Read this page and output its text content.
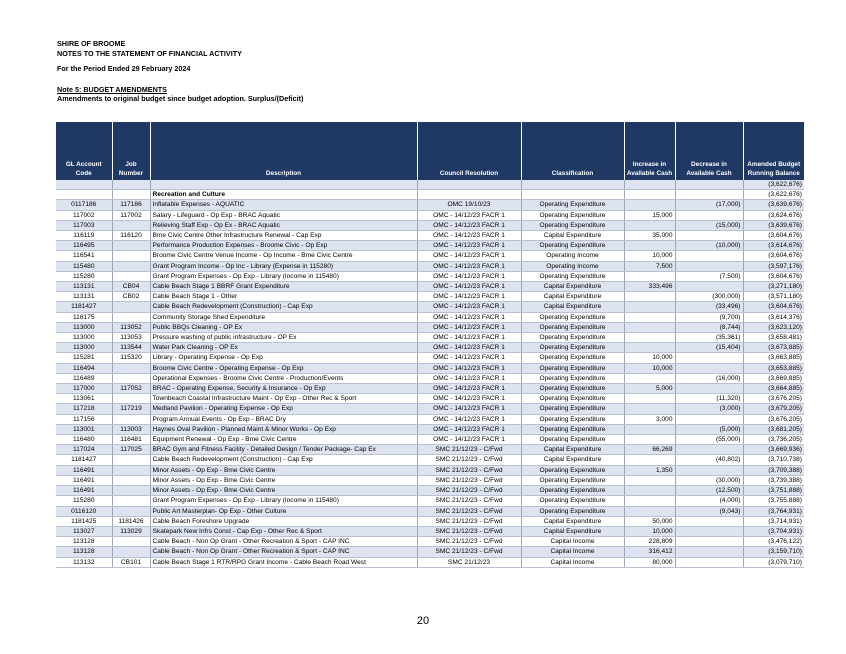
SHIRE OF BROOME
NOTES TO THE STATEMENT OF FINANCIAL ACTIVITY
For the Period Ended 29 February 2024
Note 5: BUDGET AMENDMENTS
Amendments to original budget since budget adoption. Surplus/(Deficit)
GL Account Code	Job Number	Description	Council Resolution	Classification	Increase in Available Cash	Decrease in Available Cash	Amended Budget Running Balance
							(3,622,676)
		Recreation and Culture					(3,622,676)
0117186	117186	Inflatable Expenses - AQUATIC	OMC 19/10/23	Operating Expenditure		(17,000)	(3,639,676)
117002	117002	Salary - Lifeguard - Op Exp - BRAC Aquatic	OMC - 14/12/23 FACR 1	Operating Expenditure	15,000		(3,624,676)
117003		Relieving Staff Exp - Op Ex - BRAC Aquatic	OMC - 14/12/23 FACR 1	Operating Expenditure		(15,000)	(3,639,676)
116119	116120	Bme Civic Centre Other Infrastructure Renewal - Cap Exp	OMC - 14/12/23 FACR 1	Capital Expenditure	35,000		(3,604,676)
116495		Performance Production Expenses - Broome Civic - Op Exp	OMC - 14/12/23 FACR 1	Operating Expenditure		(10,000)	(3,614,676)
116541		Broome Civic Centre Venue Income - Op Income - Bme Civic Centre	OMC - 14/12/23 FACR 1	Operating Income	10,000		(3,604,676)
115480		Grant Program Income - Op Inc - Library (Expense in 115280)	OMC - 14/12/23 FACR 1	Operating Income	7,500		(3,597,176)
115280		Grant Program Expenses - Op Exp - Library (Income in 115480)	OMC - 14/12/23 FACR 1	Operating Expenditure		(7,500)	(3,604,676)
113131	CB04	Cable Beach Stage 1 BBRF Grant Expenditure	OMC - 14/12/23 FACR 1	Capital Expenditure	333,496		(3,271,180)
113131	CB02	Cable Beach Stage 1 - Other	OMC - 14/12/23 FACR 1	Capital Expenditure		(300,000)	(3,571,180)
1181427		Cable Beach Redevelopment (Construction) - Cap Exp	OMC - 14/12/23 FACR 1	Capital Expenditure		(33,496)	(3,604,676)
116175		Community Storage Shed Expenditure	OMC - 14/12/23 FACR 1	Operating Expenditure		(9,700)	(3,614,376)
113000	113052	Public BBQs Cleaning - OP Ex	OMC - 14/12/23 FACR 1	Operating Expenditure		(8,744)	(3,623,120)
113000	113053	Pressure washing of public infrastructure - OP Ex	OMC - 14/12/23 FACR 1	Operating Expenditure		(35,361)	(3,658,481)
113000	113544	Water Park Cleaning - OP Ex	OMC - 14/12/23 FACR 1	Operating Expenditure		(15,404)	(3,673,885)
115281	115320	Library - Operating Expense - Op Exp	OMC - 14/12/23 FACR 1	Operating Expenditure	10,000		(3,663,885)
116494		Broome Civic Centre - Operating Expense - Op Exp	OMC - 14/12/23 FACR 1	Operating Expenditure	10,000		(3,653,885)
116489		Operational Expenses - Broome Civic Centre - Production/Events	OMC - 14/12/23 FACR 1	Operating Expenditure		(16,000)	(3,669,885)
117000	117052	BRAC - Operating Expense, Security & Insurance - Op Exp	OMC - 14/12/23 FACR 1	Operating Expenditure	5,000		(3,664,885)
113061		Townbeach Coastal Infrastructure Maint - Op Exp - Other Rec & Sport	OMC - 14/12/23 FACR 1	Operating Expenditure		(11,320)	(3,676,205)
117218	117219	Medland Pavilion - Operating Expense - Op Exp	OMC - 14/12/23 FACR 1	Operating Expenditure		(3,000)	(3,679,205)
117156		Program Annual Events - Op Exp - BRAC Dry	OMC - 14/12/23 FACR 1	Operating Expenditure	3,000		(3,676,205)
113001	113003	Haynes Oval Pavilion - Planned Maint & Minor Works - Op Exp	OMC - 14/12/23 FACR 1	Operating Expenditure		(5,000)	(3,681,205)
116480	116481	Equipment Renewal - Op Exp - Bme Civic Centre	OMC - 14/12/23 FACR 1	Operating Expenditure		(55,000)	(3,736,205)
117024	117025	BRAC Gym and Fitness Facility - Detailed Design / Tender Package- Cap Ex	SMC 21/12/23 - C/Fwd	Capital Expenditure	66,269		(3,669,936)
1181427		Cable Beach Redevelopment (Construction) - Cap Exp	SMC 21/12/23 - C/Fwd	Capital Expenditure		(40,802)	(3,710,738)
116491		Minor Assets - Op Exp - Bme Civic Centre	SMC 21/12/23 - C/Fwd	Operating Expenditure	1,350		(3,709,388)
116491		Minor Assets - Op Exp - Bme Civic Centre	SMC 21/12/23 - C/Fwd	Operating Expenditure		(30,000)	(3,739,388)
116491		Minor Assets - Op Exp - Bme Civic Centre	SMC 21/12/23 - C/Fwd	Operating Expenditure		(12,500)	(3,751,888)
115280		Grant Program Expenses - Op Exp - Library (Income in 115480)	SMC 21/12/23 - C/Fwd	Operating Expenditure		(4,000)	(3,755,888)
0116120		Public Art Masterplan- Op Exp - Other Culture	SMC 21/12/23 - C/Fwd	Operating Expenditure		(9,043)	(3,764,931)
1181425	1181426	Cable Beach Foreshore Upgrade	SMC 21/12/23 - C/Fwd	Capital Expenditure	50,000		(3,714,931)
113027	113029	Skatepark New Infrs Const - Cap Exp - Other Rec & Sport	SMC 21/12/23 - C/Fwd	Capital Expenditure	10,000		(3,704,931)
113128		Cable Beach - Non Op Grant - Other Recreation & Sport - CAP INC	SMC 21/12/23 - C/Fwd	Capital Income	228,809		(3,476,122)
113128		Cable Beach - Non Op Grant - Other Recreation & Sport - CAP INC	SMC 21/12/23 - C/Fwd	Capital Income	316,412		(3,159,710)
113132	CB101	Cable Beach Stage 1 RTR/RPG Grant Income - Cable Beach Road West	SMC 21/12/23	Capital Income	80,000		(3,079,710)
20
